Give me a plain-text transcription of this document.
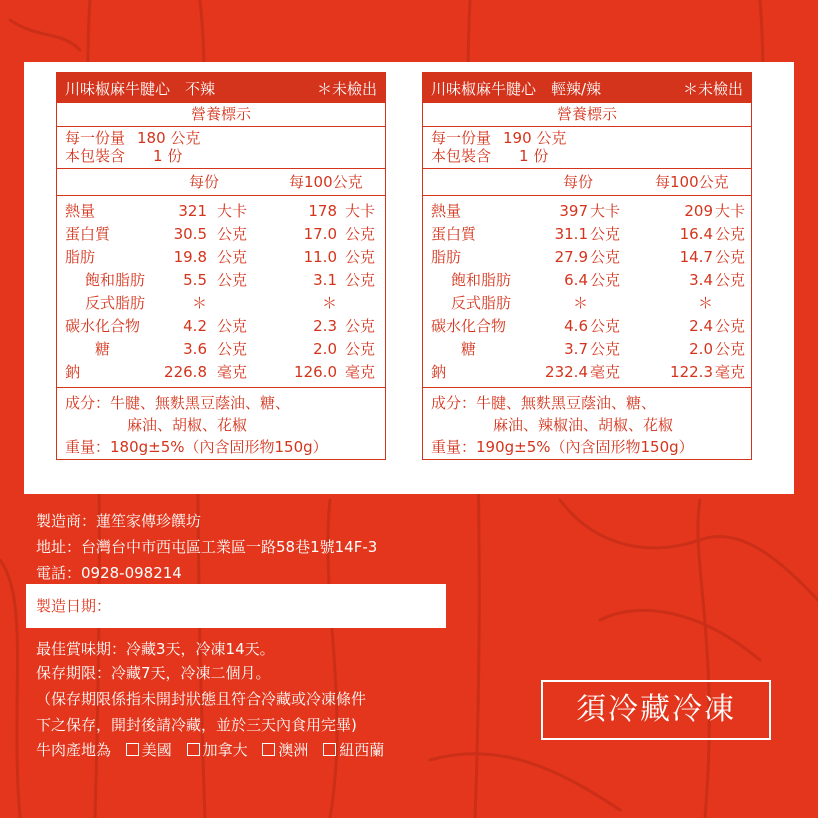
川味椒麻牛腱心　不辣	＊未檢出
營養標示
每一份量 180 公克
本包裝含 1 份
每份	每100公克
熱量	321 大卡	178 大卡
蛋白質	30.5 公克	17.0 公克
脂肪	19.8 公克	11.0 公克
飽和脂肪	5.5 公克	3.1 公克
反式脂肪	＊	＊
碳水化合物	4.2 公克	2.3 公克
糖	3.6 公克	2.0 公克
鈉	226.8 毫克	126.0 毫克
成分：牛腱、無麩黑豆蔭油、糖、
麻油、胡椒、花椒
重量：180g±5%（內含固形物150g）
川味椒麻牛腱心　輕辣/辣	＊未檢出
營養標示
每一份量 190 公克
本包裝含 1 份
每份	每100公克
熱量	397 大卡	209 大卡
蛋白質	31.1 公克	16.4 公克
脂肪	27.9 公克	14.7 公克
飽和脂肪	6.4 公克	3.4 公克
反式脂肪	＊	＊
碳水化合物	4.6 公克	2.4 公克
糖	3.7 公克	2.0 公克
鈉	232.4 毫克	122.3 毫克
成分：牛腱、無麩黑豆蔭油、糖、
麻油、辣椒油、胡椒、花椒
重量：190g±5%（內含固形物150g）
製造商：蓮笙家傳珍饌坊
地址：台灣台中市西屯區工業區一路58巷1號14F-3
電話：0928-098214
製造日期：
最佳賞味期：冷藏3天，冷凍14天。
保存期限：冷藏7天，冷凍二個月。
（保存期限係指未開封狀態且符合冷藏或冷凍條件
下之保存，開封後請冷藏，並於三天內食用完畢)
牛肉產地為 美國 加拿大 澳洲 紐西蘭
須冷藏冷凍
